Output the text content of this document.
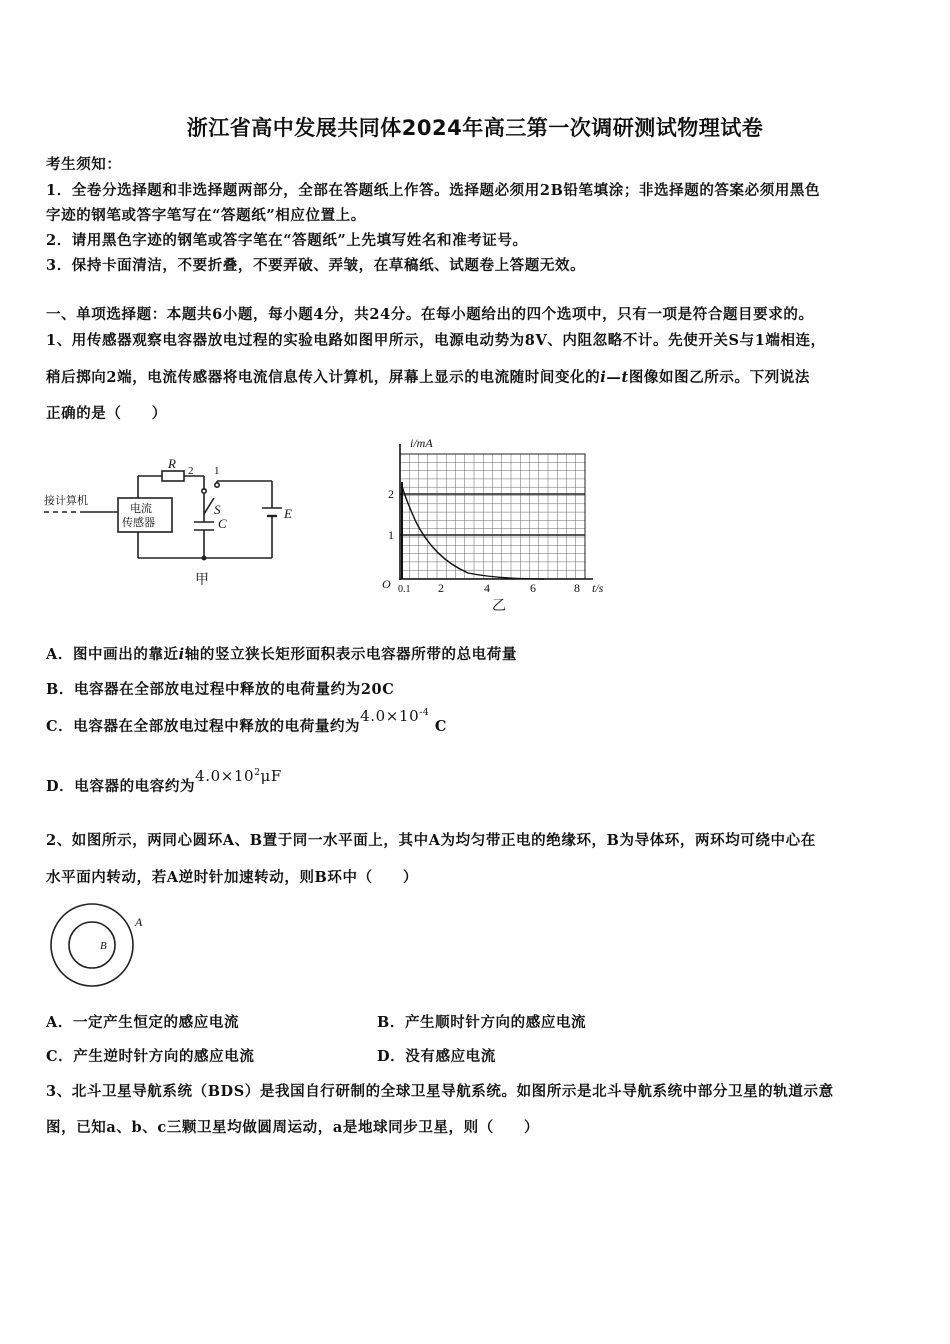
浙江省高中发展共同体2024年高三第一次调研测试物理试卷
考生须知：
1．全卷分选择题和非选择题两部分，全部在答题纸上作答。选择题必须用2B铅笔填涂；非选择题的答案必须用黑色
字迹的钢笔或答字笔写在“答题纸”相应位置上。
2．请用黑色字迹的钢笔或答字笔在“答题纸”上先填写姓名和准考证号。
3．保持卡面清洁，不要折叠，不要弄破、弄皱，在草稿纸、试题卷上答题无效。
一、单项选择题：本题共6小题，每小题4分，共24分。在每小题给出的四个选项中，只有一项是符合题目要求的。
1、用传感器观察电容器放电过程的实验电路如图甲所示，电源电动势为8V、内阻忽略不计。先使开关S与1端相连，
稍后掷向2端，电流传感器将电流信息传入计算机，屏幕上显示的电流随时间变化的i—t图像如图乙所示。下列说法
正确的是（　　）
接计算机
电流
传感器
R
S
C
E
2 1
甲
i/mA
2
1
O 0.1 2	4	6	8 t/s
乙
A．图中画出的靠近i轴的竖立狭长矩形面积表示电容器所带的总电荷量
B．电容器在全部放电过程中释放的电荷量约为20C
C．电容器在全部放电过程中释放的电荷量约为$4.0\times 10^{-4}$ C
D．电容器的电容约为$4.0\times 10^2\mu F$
2、如图所示，两同心圆环A、B置于同一水平面上，其中A为均匀带正电的绝缘环，B为导体环，两环均可绕中心在
水平面内转动，若A逆时针加速转动，则B环中（　　）
A
B
A．一定产生恒定的感应电流	B．产生顺时针方向的感应电流
C．产生逆时针方向的感应电流	D．没有感应电流
3、北斗卫星导航系统（BDS）是我国自行研制的全球卫星导航系统。如图所示是北斗导航系统中部分卫星的轨道示意
图，已知a、b、c三颗卫星均做圆周运动，a是地球同步卫星，则（　　）
